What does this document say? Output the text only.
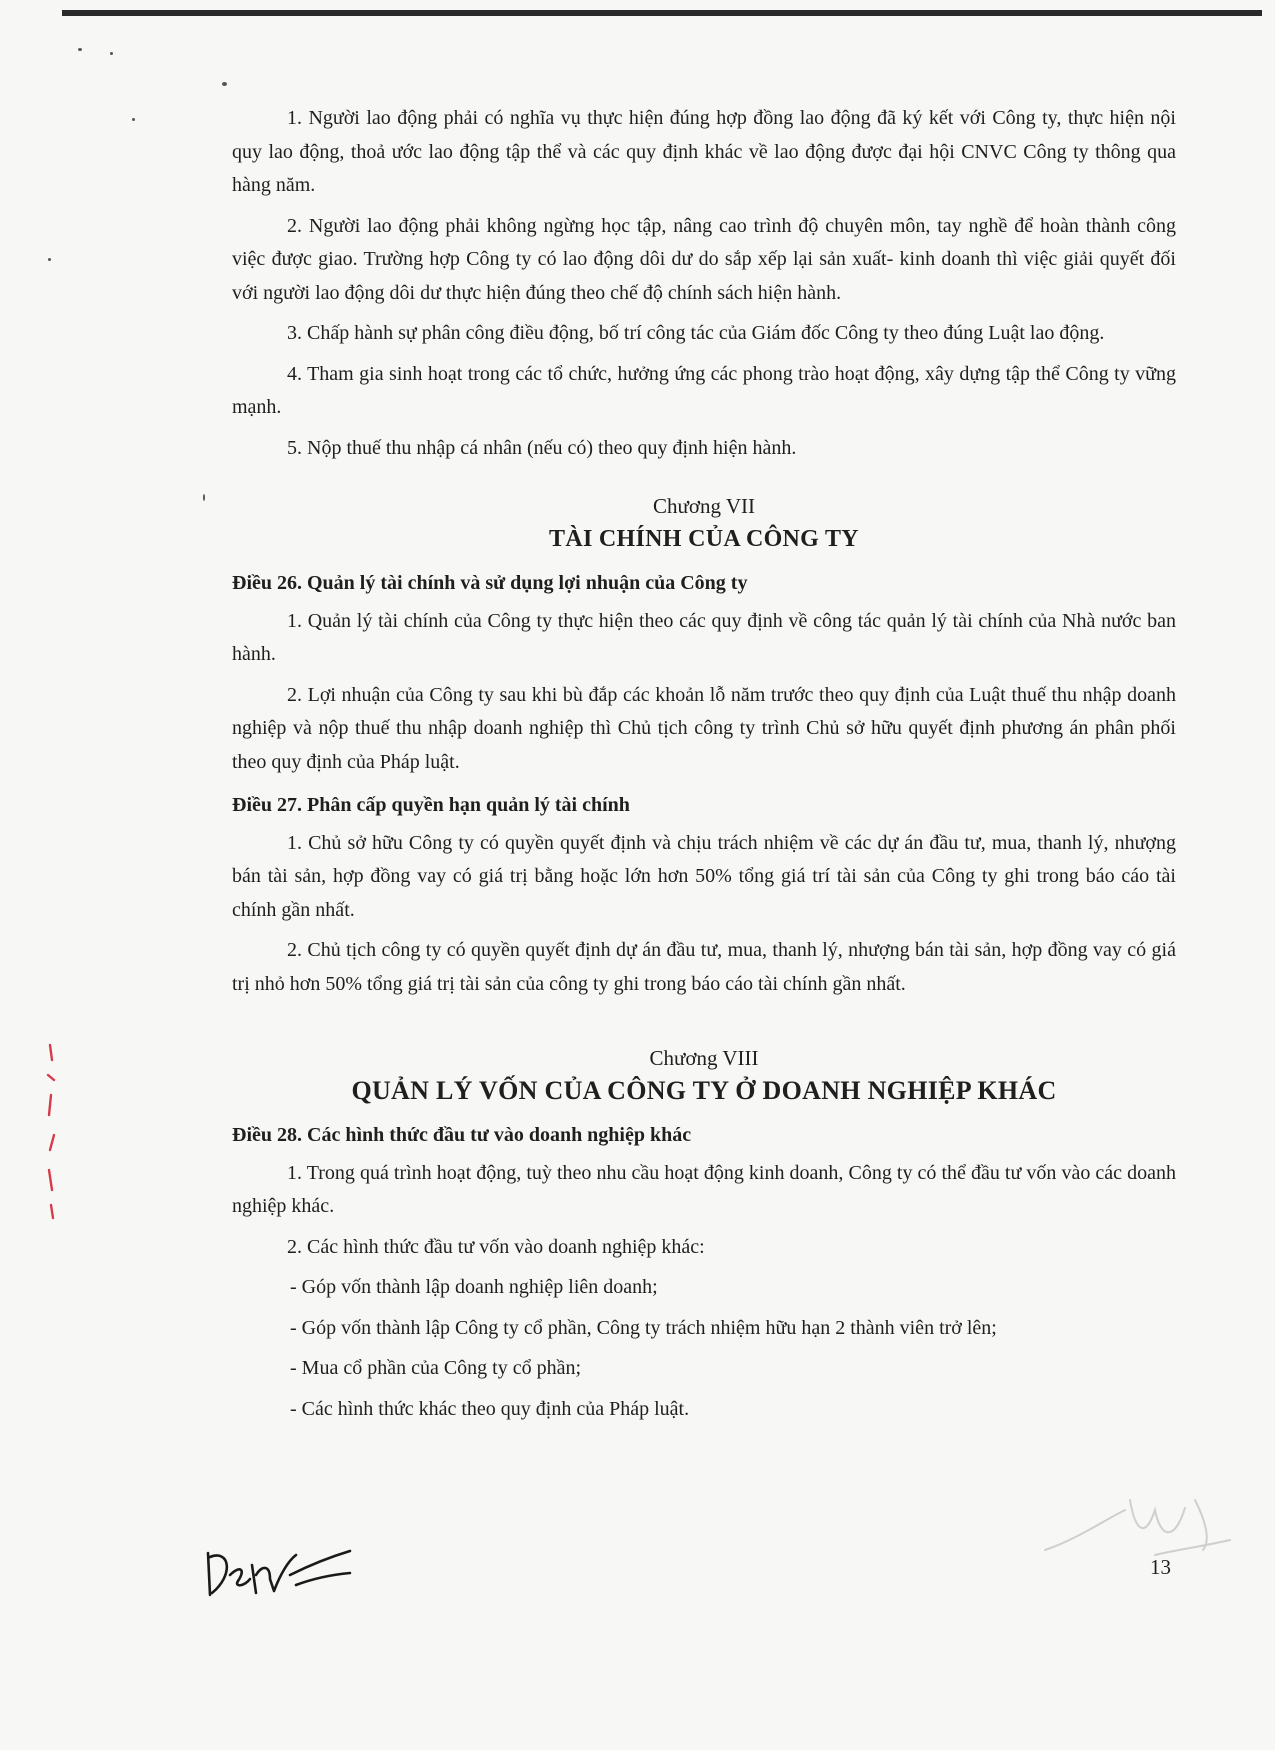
1. Người lao động phải có nghĩa vụ thực hiện đúng hợp đồng lao động đã ký kết với Công ty, thực hiện nội quy lao động, thoả ước lao động tập thể và các quy định khác về lao động được đại hội CNVC Công ty thông qua hàng năm.

2. Người lao động phải không ngừng học tập, nâng cao trình độ chuyên môn, tay nghề để hoàn thành công việc được giao. Trường hợp Công ty có lao động dôi dư do sắp xếp lại sản xuất- kinh doanh thì việc giải quyết đối với người lao động dôi dư thực hiện đúng theo chế độ chính sách hiện hành.

3. Chấp hành sự phân công điều động, bố trí công tác của Giám đốc Công ty theo đúng Luật lao động.

4. Tham gia sinh hoạt trong các tổ chức, hưởng ứng các phong trào hoạt động, xây dựng tập thể Công ty vững mạnh.

5. Nộp thuế thu nhập cá nhân (nếu có) theo quy định hiện hành.

Chương VII

TÀI CHÍNH CỦA CÔNG TY

Điều 26. Quản lý tài chính và sử dụng lợi nhuận của Công ty

1. Quản lý tài chính của Công ty thực hiện theo các quy định về công tác quản lý tài chính của Nhà nước ban hành.

2. Lợi nhuận của Công ty sau khi bù đắp các khoản lỗ năm trước theo quy định của Luật thuế thu nhập doanh nghiệp và nộp thuế thu nhập doanh nghiệp thì Chủ tịch công ty trình Chủ sở hữu quyết định phương án phân phối theo quy định của Pháp luật.

Điều 27. Phân cấp quyền hạn quản lý tài chính

1. Chủ sở hữu Công ty có quyền quyết định và chịu trách nhiệm về các dự án đầu tư, mua, thanh lý, nhượng bán tài sản, hợp đồng vay có giá trị bằng hoặc lớn hơn 50% tổng giá trí tài sản của Công ty ghi trong báo cáo tài chính gần nhất.

2. Chủ tịch công ty có quyền quyết định dự án đầu tư, mua, thanh lý, nhượng bán tài sản, hợp đồng vay có giá trị nhỏ hơn 50% tổng giá trị tài sản của công ty ghi trong báo cáo tài chính gần nhất.

Chương VIII

QUẢN LÝ VỐN CỦA CÔNG TY Ở DOANH NGHIỆP KHÁC

Điều 28. Các hình thức đầu tư vào doanh nghiệp khác

1. Trong quá trình hoạt động, tuỳ theo nhu cầu hoạt động kinh doanh, Công ty có thể đầu tư vốn vào các doanh nghiệp khác.

2. Các hình thức đầu tư vốn vào doanh nghiệp khác:

- Góp vốn thành lập doanh nghiệp liên doanh;

- Góp vốn thành lập Công ty cổ phần, Công ty trách nhiệm hữu hạn 2 thành viên trở lên;

- Mua cổ phần của Công ty cổ phần;

- Các hình thức khác theo quy định của Pháp luật.

13
